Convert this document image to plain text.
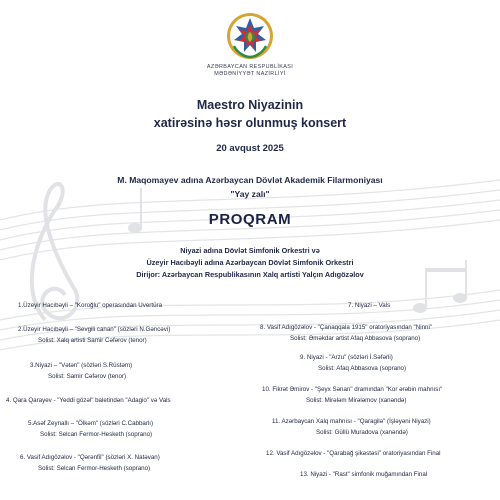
AZƏRBAYCAN RESPUBLİKASI
MƏDƏNİYYƏT NAZİRLİYİ
Maestro Niyazinin
xatirəsinə həsr olunmuş konsert
20 avqust 2025
M. Maqomayev adına Azərbaycan Dövlət Akademik Filarmoniyası
"Yay zalı"
PROQRAM
Niyazi adına Dövlət Simfonik Orkestri və
Üzeyir Hacıbəyli adına Azərbaycan Dövlət Simfonik Orkestri
Dirijor: Azərbaycan Respublikasının Xalq artisti Yalçın Adıgözəlov
1.Üzeyir Hacıbəyli – "Koroğlu" operasından Uvertüra
2.Üzeyir Hacıbəyli – "Sevgili canan" (sözləri N.Gəncəvi)
Solist: Xalq artisti Samir Cəfərov (tenor)
3.Niyazi – "Vətən" (sözləri S.Rüstəm)
Solist: Samir Cəfərov (tenor)
4. Qara Qarayev - "Yeddi gözəl" baletindən "Adagio" və Vals
5.Asəf Zeynallı – "Ölkəm" (sözləri C.Cabbarlı)
Solist: Selcan Fermor-Hesketh (soprano)
6. Vasif Adıgözəlov - "Qərənfil" (sözləri X. Natəvan)
Solist: Selcan Fermor-Hesketh (soprano)
7. Niyazi – Vals
8. Vasif Adıgözəlov - "Çanaqqala 1915" oratoriyasından "Ninni"
Solist: Əməkdar artist Afaq Abbasova (soprano)
9. Niyazi - "Arzu" (sözləri İ.Səfərli)
Solist: Afaq Abbasova (soprano)
10. Fikrət Əmirov - "Şeyx Sənan" dramından "Kor ərəbin mahnısı"
Solist: Mirələm Mirələmov (xanəndə)
11. Azərbaycan Xalq mahnısı - "Qaragilə" (İşləyəni Niyazi)
Solist: Güllü Muradova (xanəndə)
12. Vasif Adıgözəlov - "Qarabağ şikəstəsi" oratoriyasından Final
13. Niyazi - "Rast" simfonik muğamından Final
